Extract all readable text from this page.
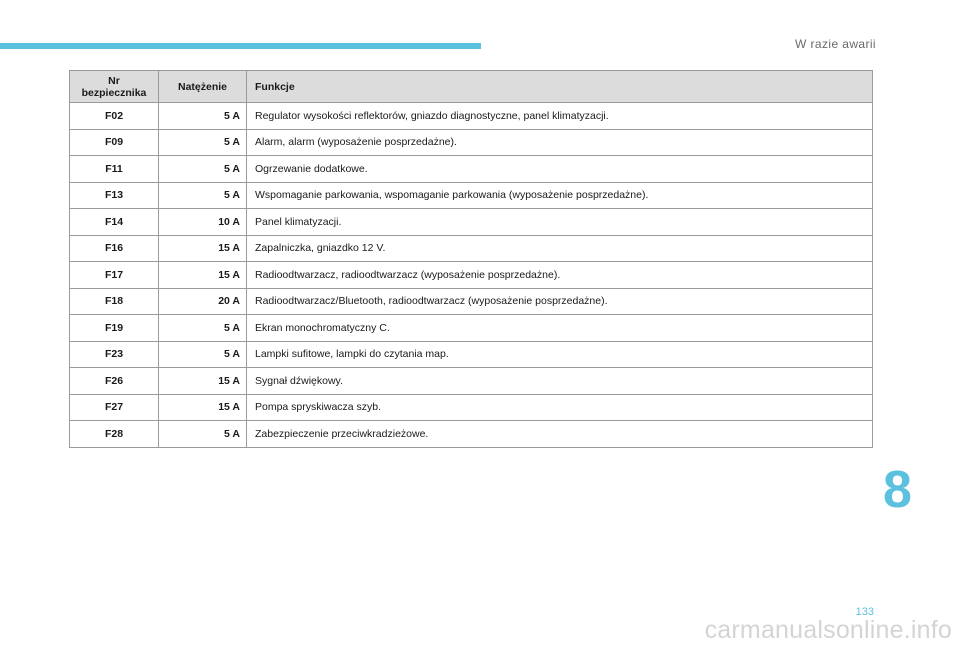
W razie awarii
Nr bezpiecznika	Natężenie	Funkcje
F02	5 A	Regulator wysokości reflektorów, gniazdo diagnostyczne, panel klimatyzacji.
F09	5 A	Alarm, alarm (wyposażenie posprzedażne).
F11	5 A	Ogrzewanie dodatkowe.
F13	5 A	Wspomaganie parkowania, wspomaganie parkowania (wyposażenie posprzedażne).
F14	10 A	Panel klimatyzacji.
F16	15 A	Zapalniczka, gniazdko 12 V.
F17	15 A	Radioodtwarzacz, radioodtwarzacz (wyposażenie posprzedażne).
F18	20 A	Radioodtwarzacz/Bluetooth, radioodtwarzacz (wyposażenie posprzedażne).
F19	5 A	Ekran monochromatyczny C.
F23	5 A	Lampki sufitowe, lampki do czytania map.
F26	15 A	Sygnał dźwiękowy.
F27	15 A	Pompa spryskiwacza szyb.
F28	5 A	Zabezpieczenie przeciwkradzieżowe.
8
133
carmanualsonline.info
